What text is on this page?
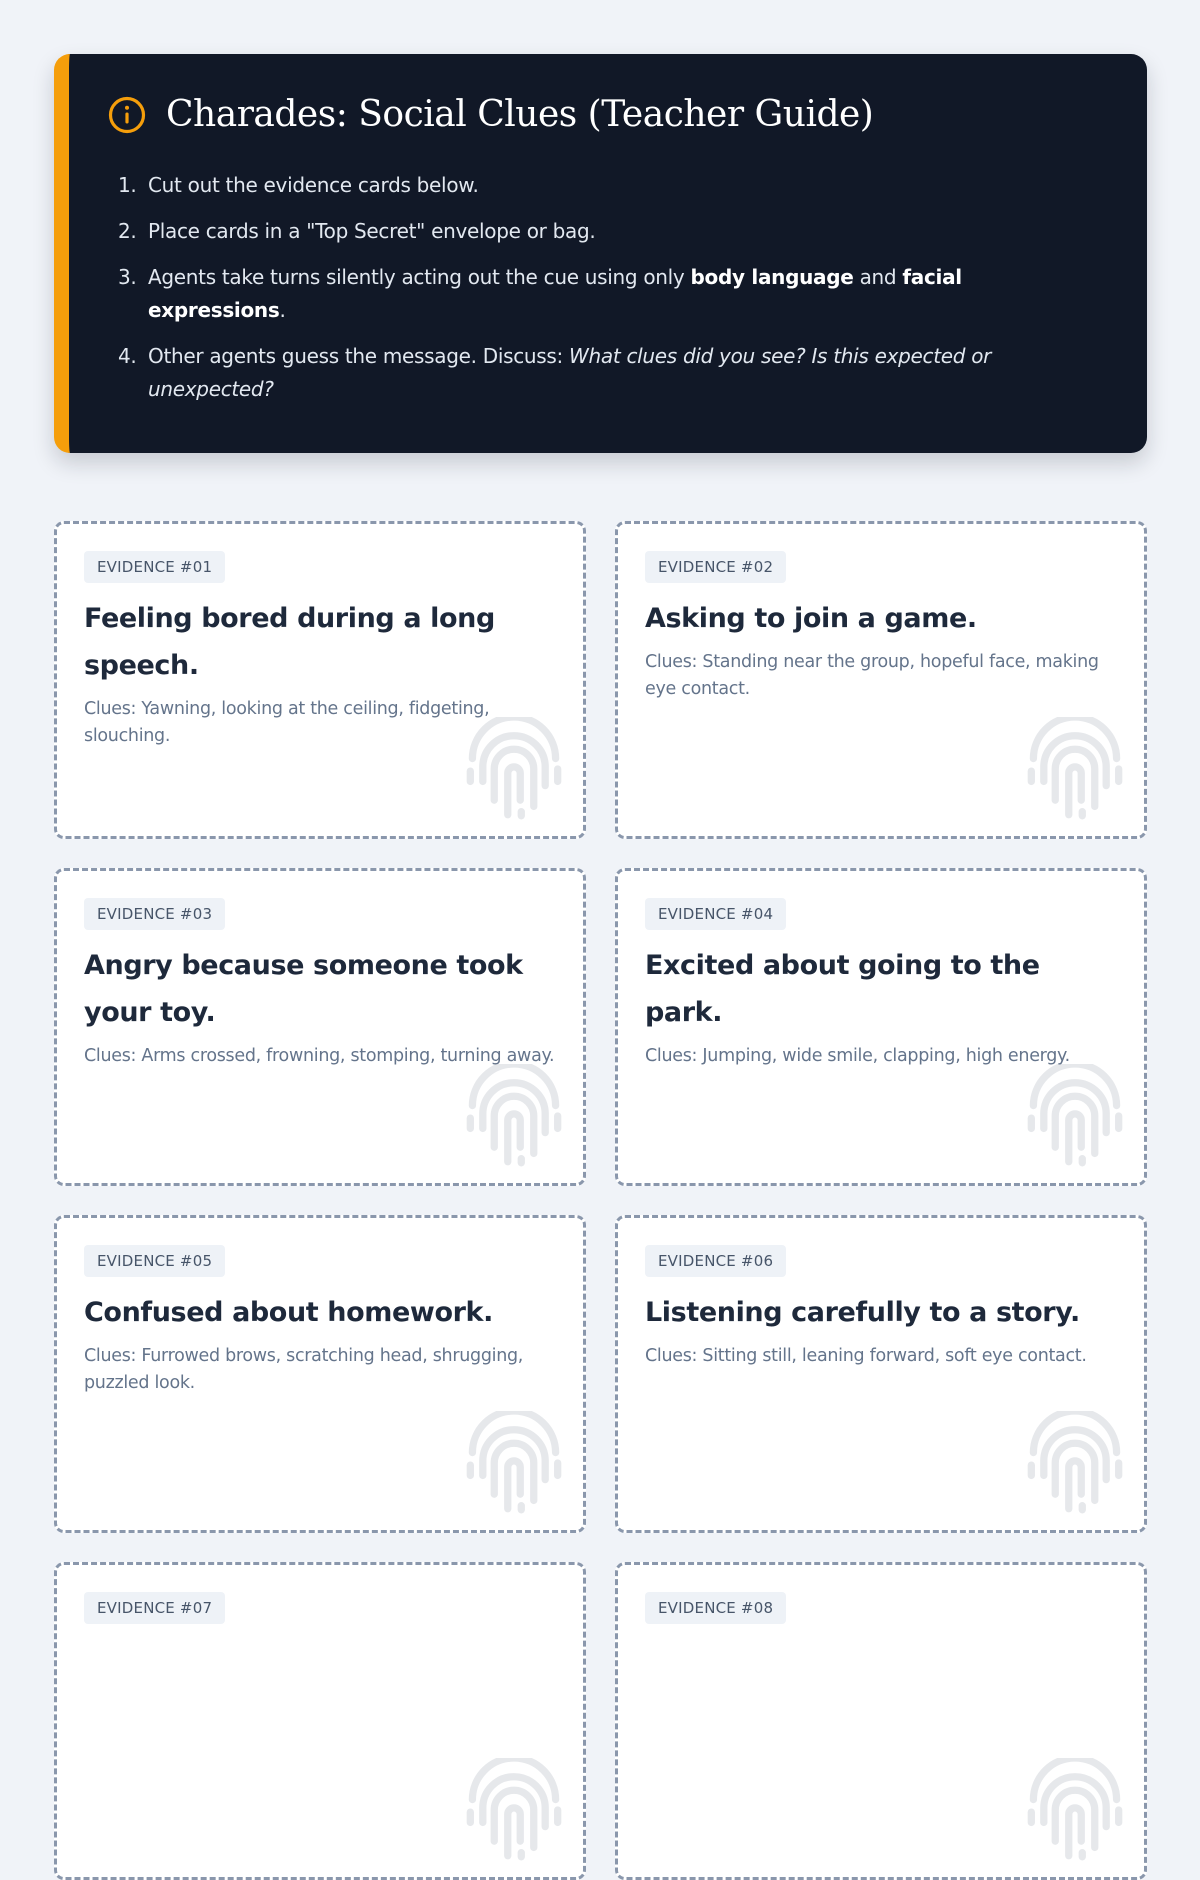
Charades: Social Clues (Teacher Guide)
1. Cut out the evidence cards below.
2. Place cards in a "Top Secret" envelope or bag.
3. Agents take turns silently acting out the cue using only body language and facial expressions.
4. Other agents guess the message. Discuss: What clues did you see? Is this expected or unexpected?
EVIDENCE #01
Feeling bored during a long speech.
Clues: Yawning, looking at the ceiling, fidgeting, slouching.
EVIDENCE #02
Asking to join a game.
Clues: Standing near the group, hopeful face, making eye contact.
EVIDENCE #03
Angry because someone took your toy.
Clues: Arms crossed, frowning, stomping, turning away.
EVIDENCE #04
Excited about going to the park.
Clues: Jumping, wide smile, clapping, high energy.
EVIDENCE #05
Confused about homework.
Clues: Furrowed brows, scratching head, shrugging, puzzled look.
EVIDENCE #06
Listening carefully to a story.
Clues: Sitting still, leaning forward, soft eye contact.
EVIDENCE #07	EVIDENCE #08
